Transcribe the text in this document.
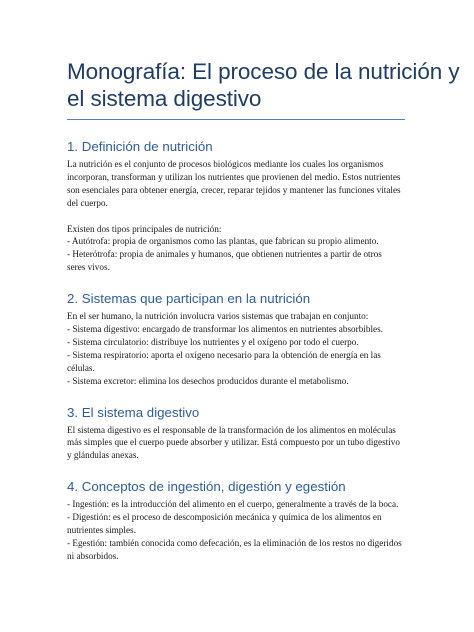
Monografía: El proceso de la nutrición y
el sistema digestivo
1. Definición de nutrición

La nutrición es el conjunto de procesos biológicos mediante los cuales los organismos
incorporan, transforman y utilizan los nutrientes que provienen del medio. Estos nutrientes
son esenciales para obtener energía, crecer, reparar tejidos y mantener las funciones vitales
del cuerpo.
Existen dos tipos principales de nutrición:
- Autótrofa: propia de organismos como las plantas, que fabrican su propio alimento.
- Heterótrofa: propia de animales y humanos, que obtienen nutrientes a partir de otros
seres vivos.

2. Sistemas que participan en la nutrición

En el ser humano, la nutrición involucra varios sistemas que trabajan en conjunto:
- Sistema digestivo: encargado de transformar los alimentos en nutrientes absorbibles.
- Sistema circulatorio: distribuye los nutrientes y el oxígeno por todo el cuerpo.
- Sistema respiratorio: aporta el oxígeno necesario para la obtención de energía en las
células.
- Sistema excretor: elimina los desechos producidos durante el metabolismo.

3. El sistema digestivo

El sistema digestivo es el responsable de la transformación de los alimentos en moléculas
más simples que el cuerpo puede absorber y utilizar. Está compuesto por un tubo digestivo
y glándulas anexas.

4. Conceptos de ingestión, digestión y egestión

- Ingestión: es la introducción del alimento en el cuerpo, generalmente a través de la boca.
- Digestión: es el proceso de descomposición mecánica y química de los alimentos en
nutrientes simples.
- Egestión: también conocida como defecación, es la eliminación de los restos no digeridos
ni absorbidos.
